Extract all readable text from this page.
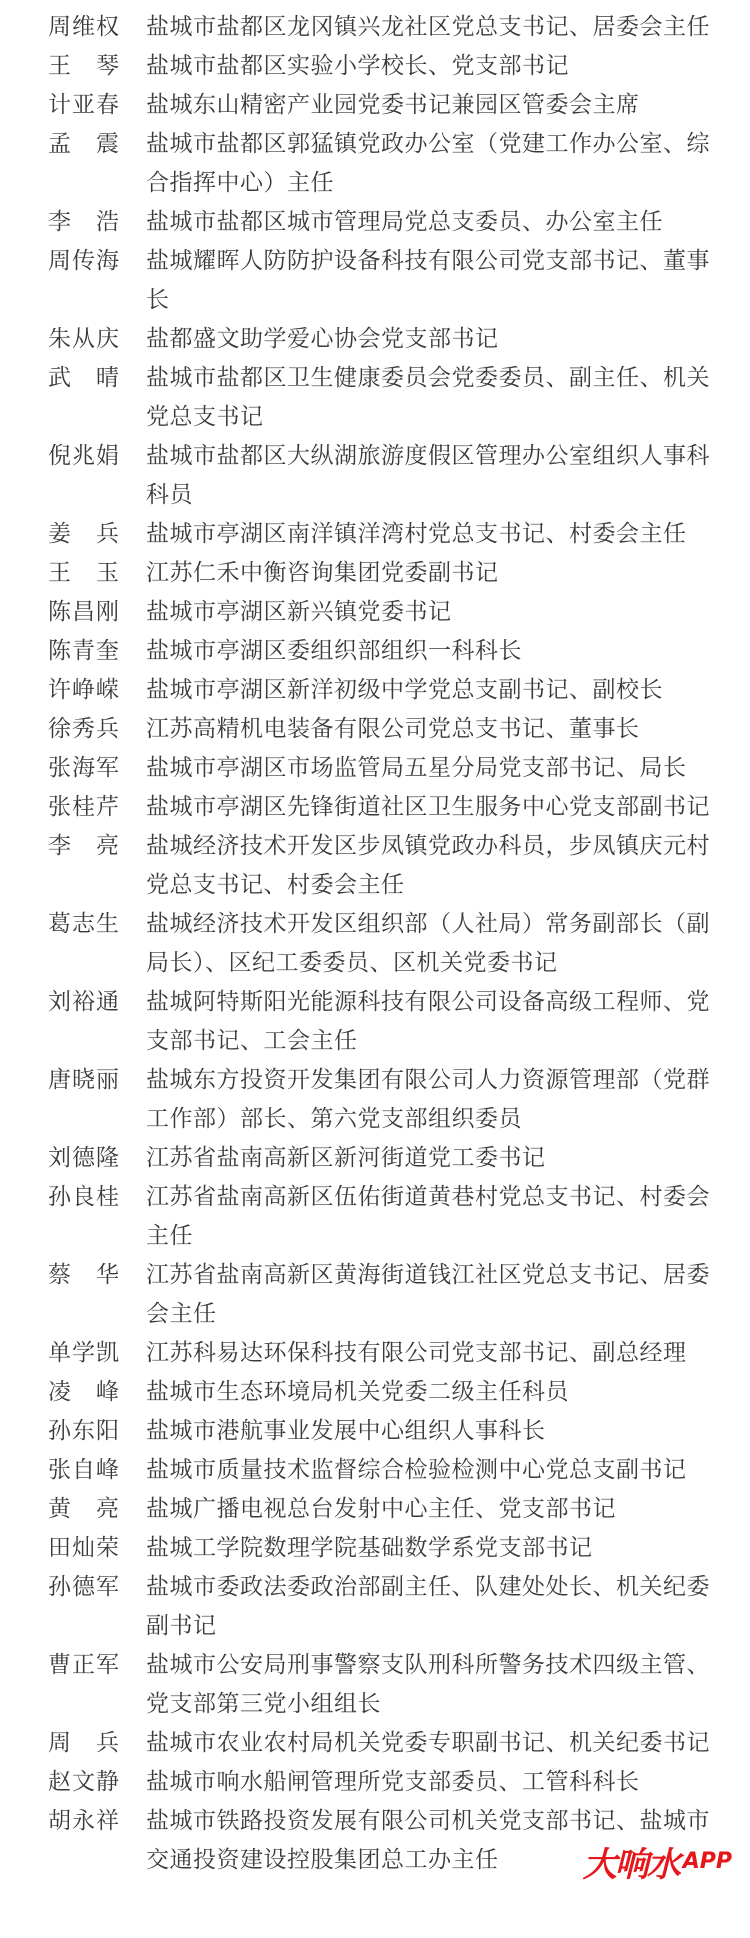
周维权	盐城市盐都区龙冈镇兴龙社区党总支书记、居委会主任
王　琴	盐城市盐都区实验小学校长、党支部书记
计亚春	盐城东山精密产业园党委书记兼园区管委会主席
孟　震	盐城市盐都区郭猛镇党政办公室（党建工作办公室、综合指挥中心）主任
李　浩	盐城市盐都区城市管理局党总支委员、办公室主任
周传海	盐城耀晖人防防护设备科技有限公司党支部书记、董事长
朱从庆	盐都盛文助学爱心协会党支部书记
武　晴	盐城市盐都区卫生健康委员会党委委员、副主任、机关党总支书记
倪兆娟	盐城市盐都区大纵湖旅游度假区管理办公室组织人事科科员
姜　兵	盐城市亭湖区南洋镇洋湾村党总支书记、村委会主任
王　玉	江苏仁禾中衡咨询集团党委副书记
陈昌刚	盐城市亭湖区新兴镇党委书记
陈青奎	盐城市亭湖区委组织部组织一科科长
许峥嵘	盐城市亭湖区新洋初级中学党总支副书记、副校长
徐秀兵	江苏高精机电装备有限公司党总支书记、董事长
张海军	盐城市亭湖区市场监管局五星分局党支部书记、局长
张桂芹	盐城市亭湖区先锋街道社区卫生服务中心党支部副书记
李　亮	盐城经济技术开发区步凤镇党政办科员，步凤镇庆元村党总支书记、村委会主任
葛志生	盐城经济技术开发区组织部（人社局）常务副部长（副局长）、区纪工委委员、区机关党委书记
刘裕通	盐城阿特斯阳光能源科技有限公司设备高级工程师、党支部书记、工会主任
唐晓丽	盐城东方投资开发集团有限公司人力资源管理部（党群工作部）部长、第六党支部组织委员
刘德隆	江苏省盐南高新区新河街道党工委书记
孙良桂	江苏省盐南高新区伍佑街道黄巷村党总支书记、村委会主任
蔡　华	江苏省盐南高新区黄海街道钱江社区党总支书记、居委会主任
单学凯	江苏科易达环保科技有限公司党支部书记、副总经理
凌　峰	盐城市生态环境局机关党委二级主任科员
孙东阳	盐城市港航事业发展中心组织人事科长
张自峰	盐城市质量技术监督综合检验检测中心党总支副书记
黄　亮	盐城广播电视总台发射中心主任、党支部书记
田灿荣	盐城工学院数理学院基础数学系党支部书记
孙德军	盐城市委政法委政治部副主任、队建处处长、机关纪委副书记
曹正军	盐城市公安局刑事警察支队刑科所警务技术四级主管、党支部第三党小组组长
周　兵	盐城市农业农村局机关党委专职副书记、机关纪委书记
赵文静	盐城市响水船闸管理所党支部委员、工管科科长
胡永祥	盐城市铁路投资发展有限公司机关党支部书记、盐城市交通投资建设控股集团总工办主任	大响水 APP
